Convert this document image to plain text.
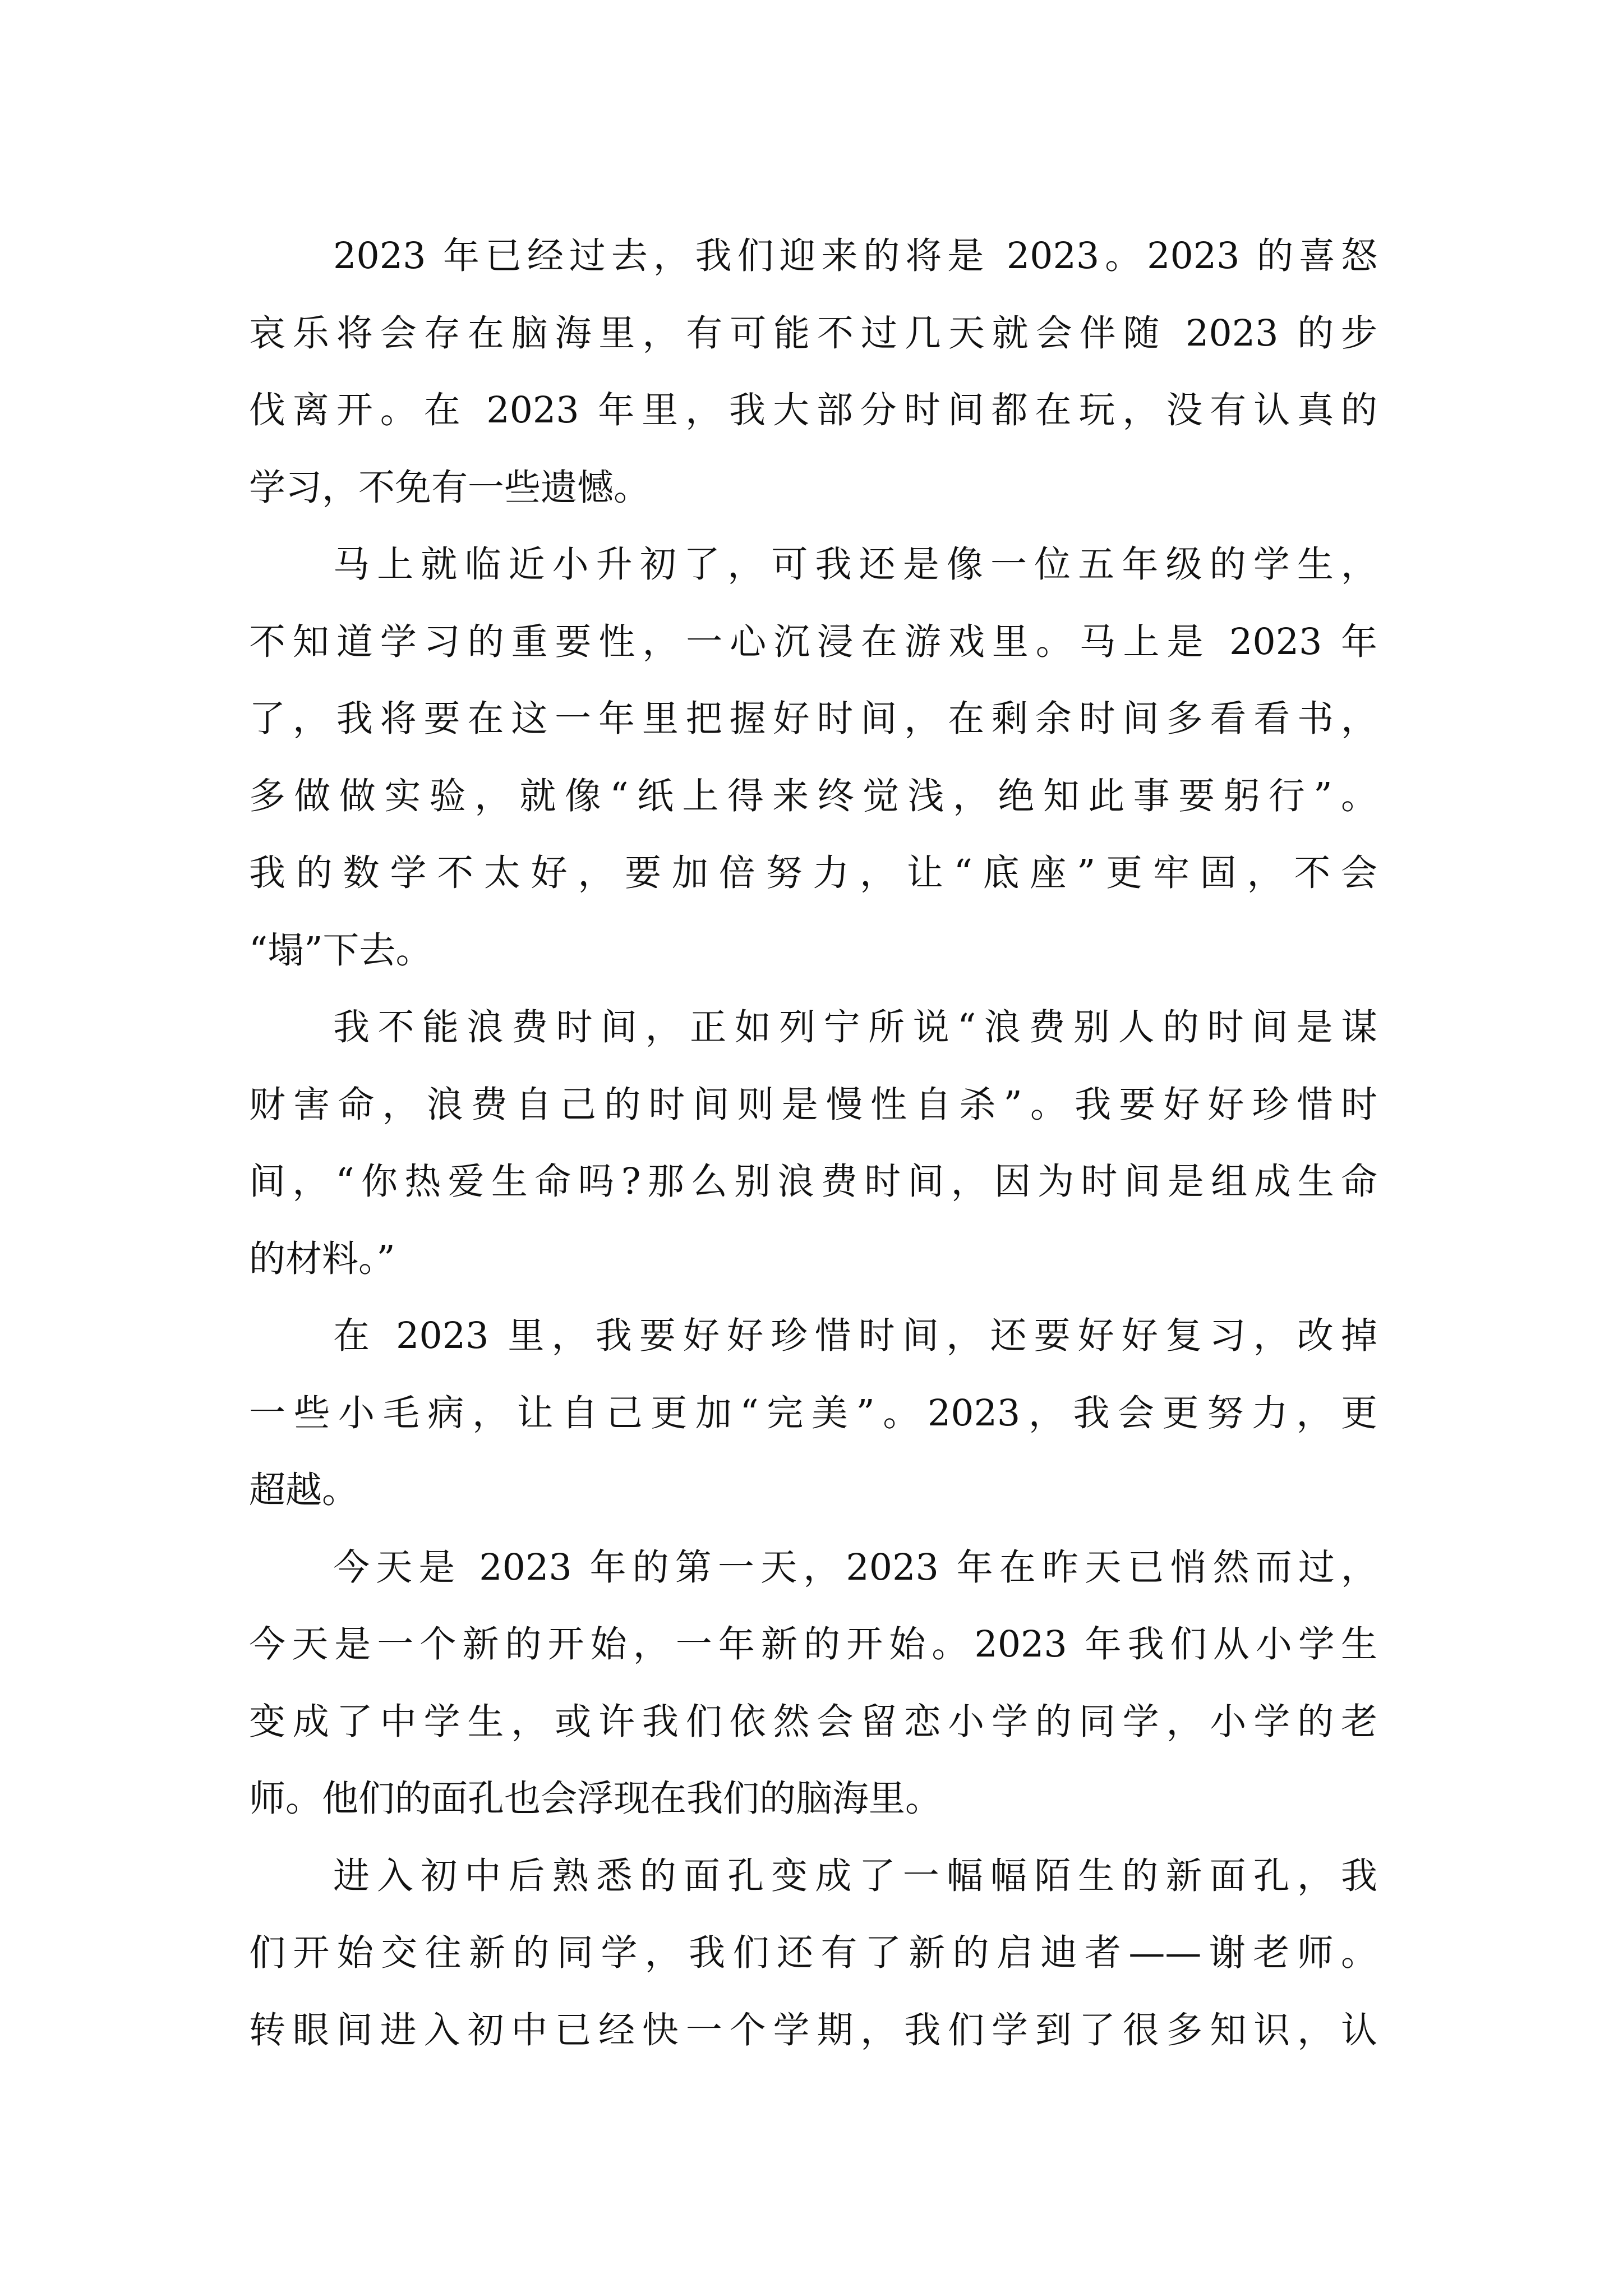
2023 年已经过去，我们迎来的将是 2023。2023 的喜怒
哀乐将会存在脑海里，有可能不过几天就会伴随 2023 的步
伐离开。在 2023 年里，我大部分时间都在玩，没有认真的
学习，不免有一些遗憾。
马上就临近小升初了，可我还是像一位五年级的学生，
不知道学习的重要性，一心沉浸在游戏里。马上是 2023 年
了，我将要在这一年里把握好时间，在剩余时间多看看书，
多做做实验，就像“纸上得来终觉浅，绝知此事要躬行”。
我的数学不太好，要加倍努力，让“底座”更牢固，不会
“塌”下去。
我不能浪费时间，正如列宁所说“浪费别人的时间是谋
财害命，浪费自己的时间则是慢性自杀”。我要好好珍惜时
间，“你热爱生命吗?那么别浪费时间，因为时间是组成生命
的材料。”
在 2023 里，我要好好珍惜时间，还要好好复习，改掉
一些小毛病，让自己更加“完美”。2023，我会更努力，更
超越。
今天是 2023 年的第一天，2023 年在昨天已悄然而过，
今天是一个新的开始，一年新的开始。2023 年我们从小学生
变成了中学生，或许我们依然会留恋小学的同学，小学的老
师。他们的面孔也会浮现在我们的脑海里。
进入初中后熟悉的面孔变成了一幅幅陌生的新面孔，我
们开始交往新的同学，我们还有了新的启迪者——谢老师。
转眼间进入初中已经快一个学期，我们学到了很多知识，认
